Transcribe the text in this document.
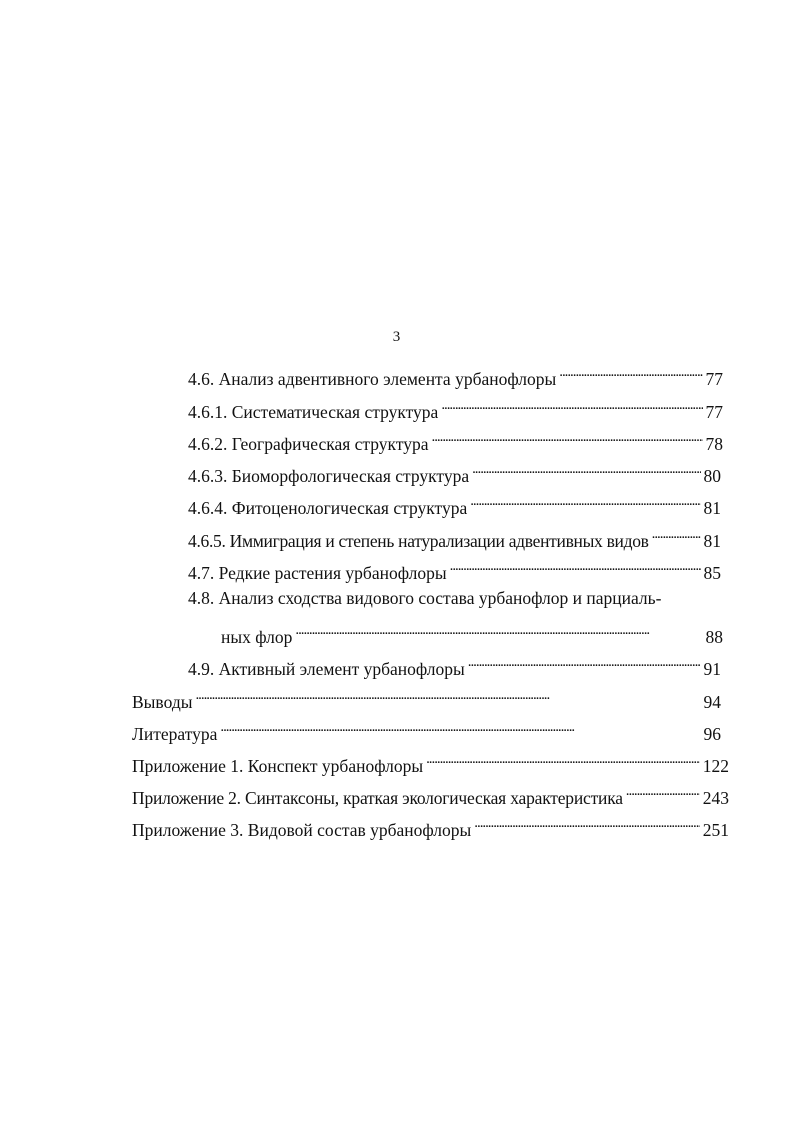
3
4.6. Анализ адвентивного элемента урбанофлоры . . .	77
4.6.1. Систематическая структура . . .	77
4.6.2. Географическая структура . . .	78
4.6.3. Биоморфологическая структура . . .	80
4.6.4. Фитоценологическая структура . . .	81
4.6.5. Иммиграция и степень натурализации адвентивных видов . . .	81
4.7. Редкие растения урбанофлоры . . .	85
4.8. Анализ сходства видового состава урбанофлор и парциаль-
ных флор . . .	88
4.9. Активный элемент урбанофлоры . . .	91
Выводы . . .	94
Литература . . .	96
Приложение 1. Конспект урбанофлоры . . .	122
Приложение 2. Синтаксоны, краткая экологическая характеристика . . .	243
Приложение 3. Видовой состав урбанофлоры . . .	251
